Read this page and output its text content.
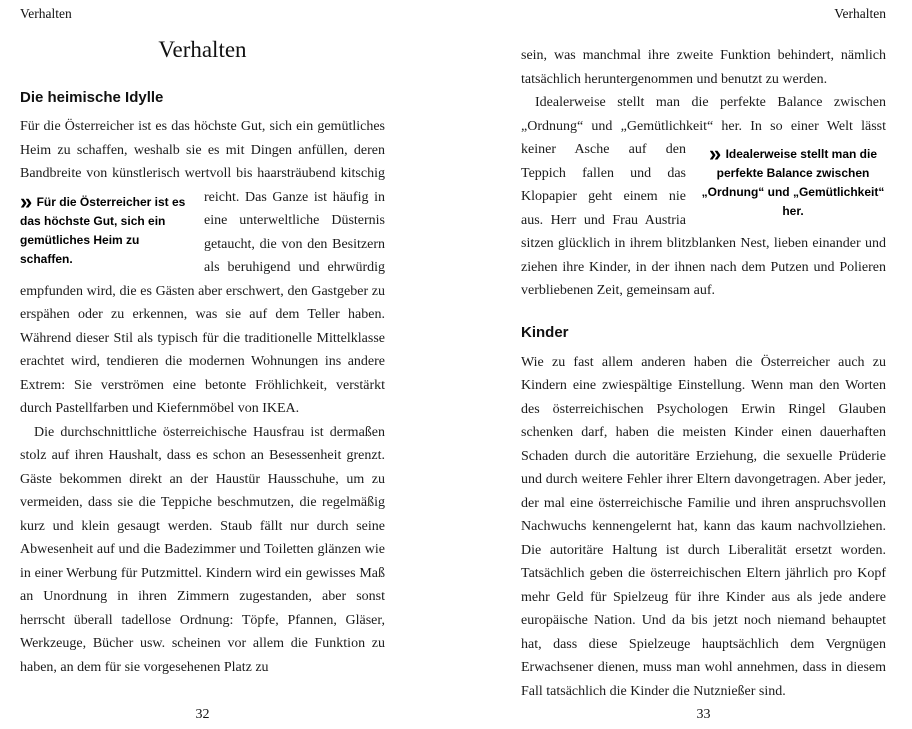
Verhalten
Verhalten
Die heimische Idylle

Für die Österreicher ist es das höchste Gut, sich ein gemütliches Heim zu schaffen, weshalb sie es mit Dingen anfüllen, deren Bandbreite von künstlerisch wertvoll bis haarsträubend
» Für die Österreicher ist es das höchste Gut, sich ein gemütliches Heim zu schaffen.
kitschig reicht. Das Ganze ist häufig in eine unterweltliche Düsternis getaucht, die von den Besitzern als beruhigend und ehrwürdig empfunden wird, die es Gästen aber erschwert, den Gastgeber zu erspähen oder zu erkennen, was sie auf dem Teller haben. Während dieser Stil als typisch für die traditionelle Mittelklasse erachtet wird, tendieren die modernen Wohnungen ins andere Extrem: Sie verströmen eine betonte Fröhlichkeit, verstärkt durch Pastellfarben und Kiefernmöbel von IKEA.

Die durchschnittliche österreichische Hausfrau ist dermaßen stolz auf ihren Haushalt, dass es schon an Besessenheit grenzt. Gäste bekommen direkt an der Haustür Hausschuhe, um zu vermeiden, dass sie die Teppiche beschmutzen, die regelmäßig kurz und klein gesaugt werden. Staub fällt nur durch seine Abwesenheit auf und die Badezimmer und Toiletten glänzen wie in einer Werbung für Putzmittel. Kindern wird ein gewisses Maß an Unordnung in ihren Zimmern zugestanden, aber sonst herrscht überall tadellose Ordnung: Töpfe, Pfannen, Gläser, Werkzeuge, Bücher usw. scheinen vor allem die Funktion zu haben, an dem für sie vorgesehenen Platz zu

32
Verhalten

sein, was manchmal ihre zweite Funktion behindert, nämlich tatsächlich heruntergenommen und benutzt zu werden.

Idealerweise stellt man die perfekte Balance zwischen „Ordnung“ und „Gemütlichkeit“ her. In so einer Welt lässt
» Idealerweise stellt man die perfekte Balance zwischen „Ordnung“ und „Gemütlichkeit“ her.
keiner Asche auf den Teppich fallen und das Klopapier geht einem nie aus. Herr und Frau Austria sitzen glücklich in ihrem blitzblanken Nest, lieben einander und ziehen ihre Kinder, in der ihnen nach dem Putzen und Polieren verbliebenen Zeit, gemeinsam auf.

Kinder

Wie zu fast allem anderen haben die Österreicher auch zu Kindern eine zwiespältige Einstellung. Wenn man den Worten des österreichischen Psychologen Erwin Ringel Glauben schenken darf, haben die meisten Kinder einen dauerhaften Schaden durch die autoritäre Erziehung, die sexuelle Prüderie und durch weitere Fehler ihrer Eltern davongetragen. Aber jeder, der mal eine österreichische Familie und ihren anspruchsvollen Nachwuchs kennengelernt hat, kann das kaum nachvollziehen. Die autoritäre Haltung ist durch Liberalität ersetzt worden. Tatsächlich geben die österreichischen Eltern jährlich pro Kopf mehr Geld für Spielzeug für ihre Kinder aus als jede andere europäische Nation. Und da bis jetzt noch niemand behauptet hat, dass diese Spielzeuge hauptsächlich dem Vergnügen Erwachsener dienen, muss man wohl annehmen, dass in diesem Fall tatsächlich die Kinder die Nutznießer sind.

33
